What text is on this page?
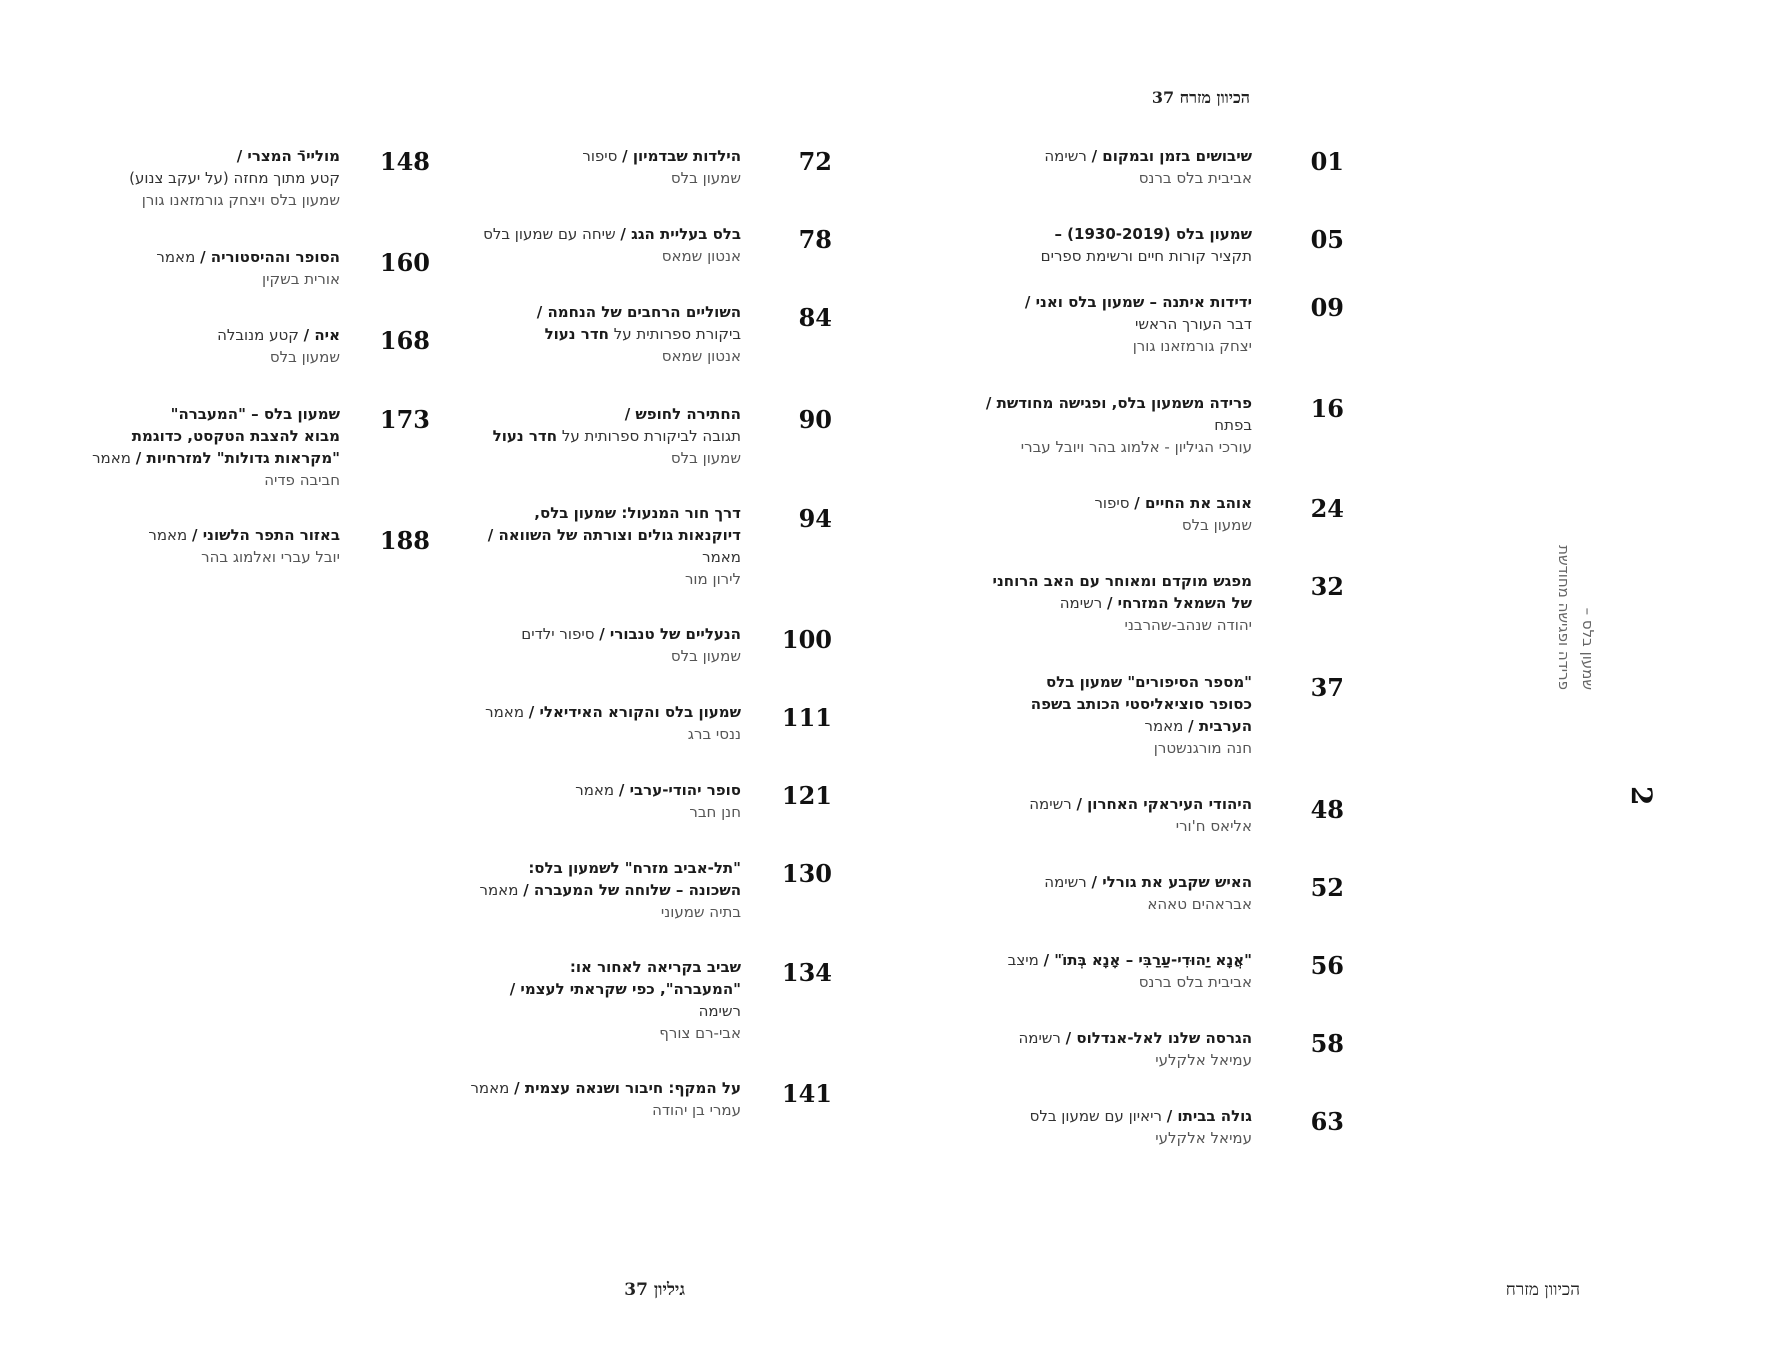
הכיוון מזרח 37
שמעון בלס –
פרידה ופגישה מחודשת
2
גיליון 37	הכיוון מזרח
01
שיבושים בזמן ובמקום / רשימה
אביבית בלס ברנס
05
שמעון בלס (1930-2019) –
תקציר קורות חיים ורשימת ספרים
09
ידידות איתנה – שמעון בלס ואני /
דבר העורך הראשי
יצחק גורמזאנו גורן
16
פרידה משמעון בלס, ופגישה מחודשת /
בפתח
עורכי הגיליון - אלמוג בהר ויובל עברי
24
אוהב את החיים / סיפור
שמעון בלס
32
מפגש מוקדם ומאוחר עם האב הרוחני
של השמאל המזרחי / רשימה
יהודה שנהב-שהרבני
37
"מספר הסיפורים" שמעון בלס
כסופר סוציאליסטי הכותב בשפה
הערבית / מאמר
חנה מורגנשטרן
48
היהודי העיראקי האחרון / רשימה
אליאס ח'ורי
52
האיש שקבע את גורלי / רשימה
אבראהים טאהא
56
"אֲנָא יַהוּדִי-עַרַבִּי – אָנָא בְּתוֹ" / מיצב
אביבית בלס ברנס
58
הגרסה שלנו לאל-אנדלוס / רשימה
עמיאל אלקלעי
63
גולה בביתו / ריאיון עם שמעון בלס
עמיאל אלקלעי
72
הילדות שבדמיון / סיפור
שמעון בלס
78
בלס בעליית הגג / שיחה עם שמעון בלס
אנטון שמאס
84
השוליים הרחבים של הנחמה /
ביקורת ספרותית על חדר נעול
אנטון שמאס
90
החתירה לחופש /
תגובה לביקורת ספרותית על חדר נעול
שמעון בלס
94
דרך חור המנעול: שמעון בלס,
דיוקנאות גולים וצורתה של השוואה /
מאמר
לירון מור
100
הנעליים של טנבורי / סיפור ילדים
שמעון בלס
111
שמעון בלס והקורא האידיאלי / מאמר
ננסי ברג
121
סופר יהודי-ערבי / מאמר
חנן חבר
130
"תל-אביב מזרח" לשמעון בלס:
השכונה – שלוחה של המעברה / מאמר
בתיה שמעוני
134
שביב בקריאה לאחור או:
"המעברה", כפי שקראתי לעצמי /
רשימה
אבי-רם צורף
141
על המקף: חיבור ושנאה עצמית / מאמר
עמרי בן יהודה
148
מוליירֿ המצרי /
קטע מתוך מחזה (על יעקב צנוע)
שמעון בלס ויצחק גורמזאנו גורן
160
הסופר וההיסטוריה / מאמר
אורית בשקין
168
איה / קטע מנובלה
שמעון בלס
173
שמעון בלס – "המעברה"
מבוא להצבת הטקסט, כדוגמת
"מקראות גדולות" למזרחיות / מאמר
חביבה פדיה
188
באזור התפר הלשוני / מאמר
יובל עברי ואלמוג בהר
